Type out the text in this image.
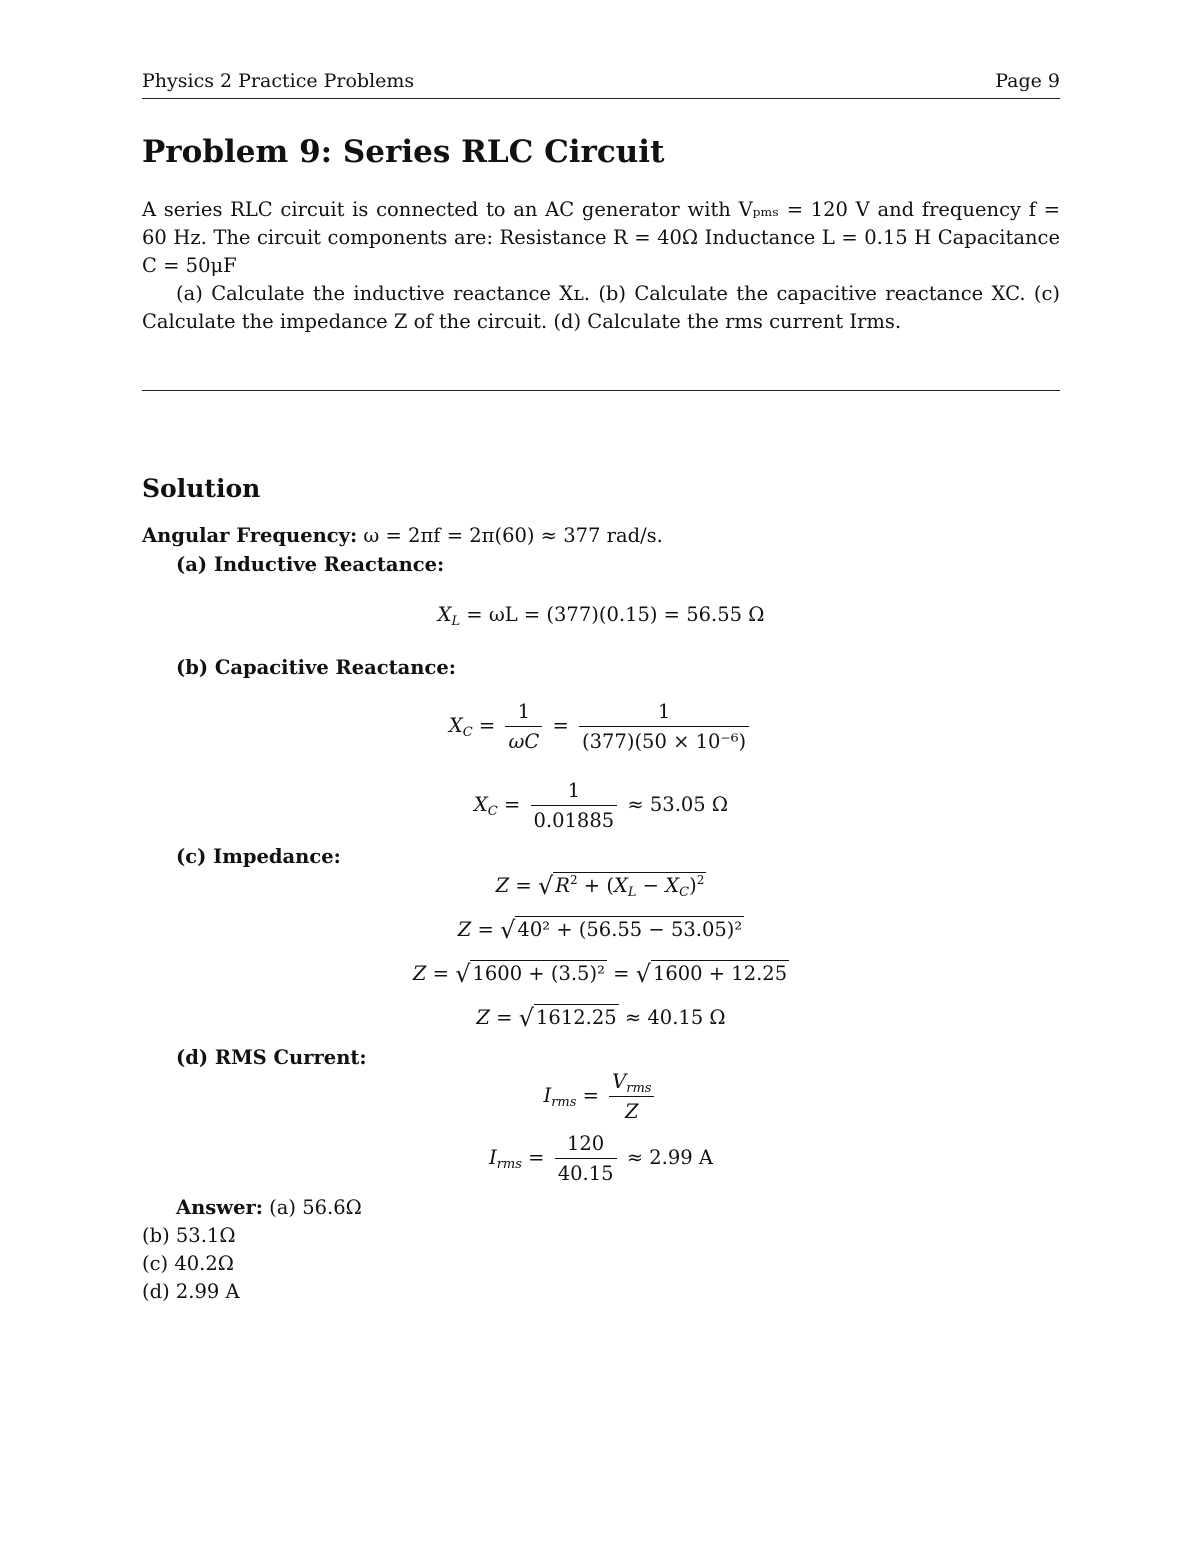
Physics 2 Practice Problems	Page 9
Problem 9: Series RLC Circuit

A series RLC circuit is connected to an AC generator with Vₚₘₛ = 120 V and frequency f = 60 Hz. The circuit components are: Resistance R = 40Ω Inductance L = 0.15 H Capacitance C = 50μF

(a) Calculate the inductive reactance Xʟ. (b) Calculate the capacitive reactance XC. (c) Calculate the impedance Z of the circuit. (d) Calculate the rms current Irms.

Solution
Angular Frequency: ω = 2πf = 2π(60) ≈ 377 rad/s.
(a) Inductive Reactance:
$X_L = \omega L = (377)(0.15) = 56.55$ Ω
(b) Capacitive Reactance:
$X_C = \frac{1}{\omega C} = \frac{1}{\text{(377)(50 × 10⁻⁶)}}$
$X_C = \frac{1}{0.01885} \approx 53.05$ Ω
(c) Impedance:
Z = √ $R^2 + (X_L - X_C)^2$
Z = √ 40² + (56.55 − 53.05)²
Z = √ 1600 + (3.5)² = √ 1600 + 12.25
Z = √ 1612.25 ≈ 40.15 Ω
(d) RMS Current:
$I_{rms} = \frac{V_{rms}}{Z}$
$I_{rms} = \frac{120}{40.15} \approx 2.99$ A
Answer: (a) 56.6Ω
(b) 53.1Ω
(c) 40.2Ω
(d) 2.99 A
